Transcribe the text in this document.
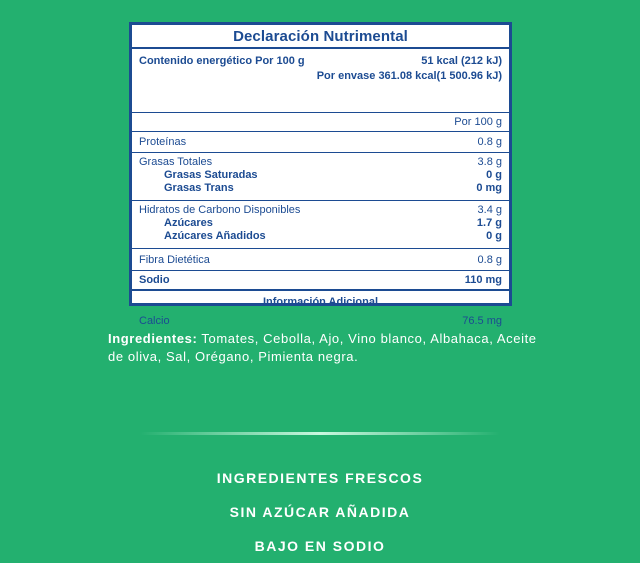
Declaración Nutrimental
Contenido energético Por 100 g	51 kcal (212 kJ)
Por envase 361.08 kcal(1 500.96 kJ)
Por 100 g
Proteínas	0.8 g
Grasas Totales	3.8 g
Grasas Saturadas	0 g
Grasas Trans	0 mg
Hidratos de Carbono Disponibles	3.4 g
Azúcares	1.7 g
Azúcares Añadidos	0 g
Fibra Dietética	0.8 g
Sodio	110 mg
Información Adicional
Calcio	76.5 mg
Ingredientes: Tomates, Cebolla, Ajo, Vino blanco, Albahaca, Aceite de oliva, Sal, Orégano, Pimienta negra.
INGREDIENTES FRESCOS
SIN AZÚCAR AÑADIDA
BAJO EN SODIO
